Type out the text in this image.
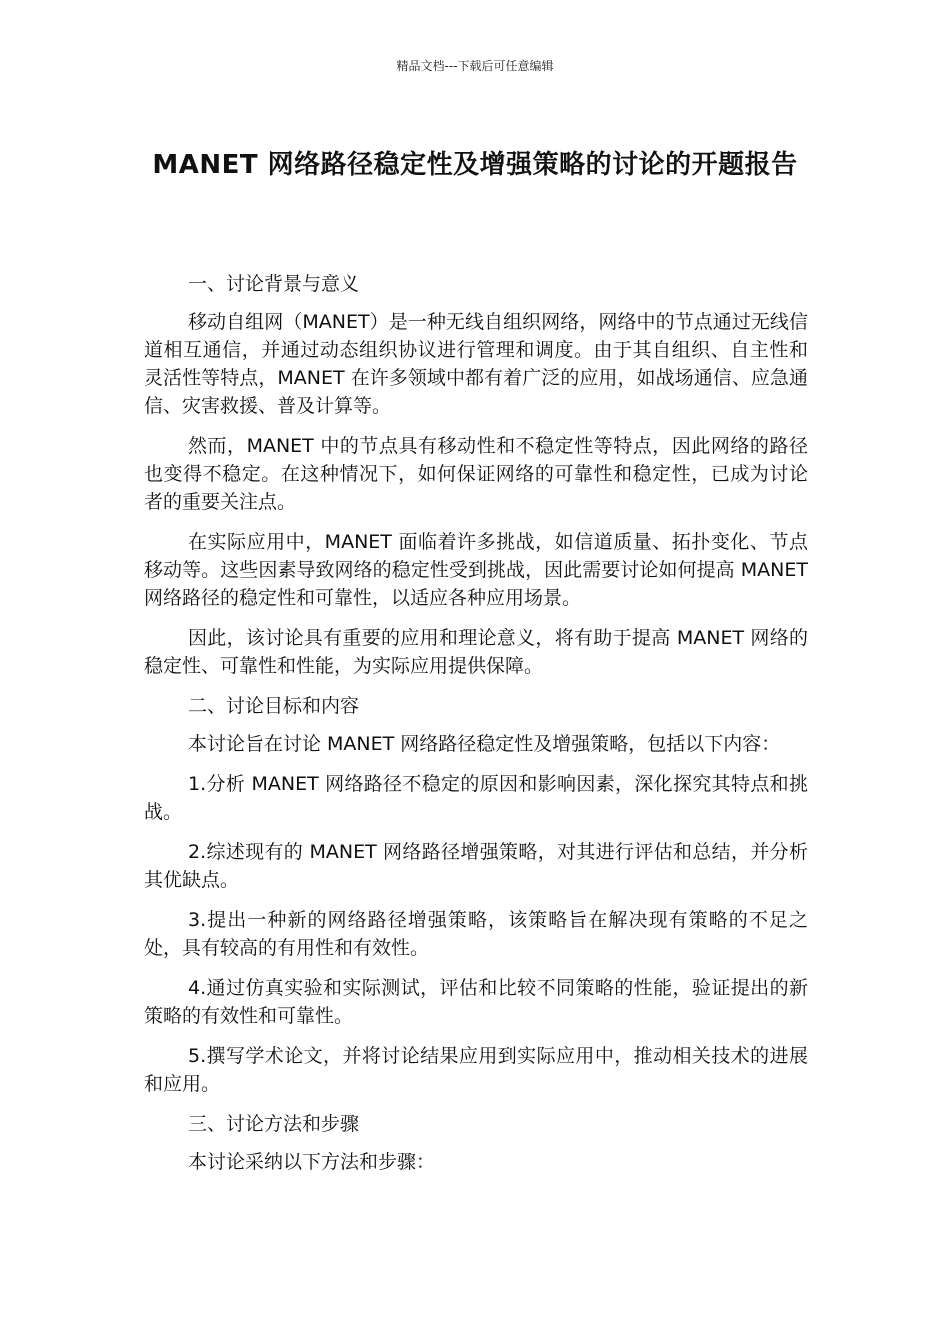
精品文档---下载后可任意编辑
MANET 网络路径稳定性及增强策略的讨论的开题报告

一、讨论背景与意义

移动自组网（MANET）是一种无线自组织网络，网络中的节点通过无线信道相互通信，并通过动态组织协议进行管理和调度。由于其自组织、自主性和灵活性等特点，MANET 在许多领域中都有着广泛的应用，如战场通信、应急通信、灾害救援、普及计算等。

然而，MANET 中的节点具有移动性和不稳定性等特点，因此网络的路径也变得不稳定。在这种情况下，如何保证网络的可靠性和稳定性，已成为讨论者的重要关注点。

在实际应用中，MANET 面临着许多挑战，如信道质量、拓扑变化、节点移动等。这些因素导致网络的稳定性受到挑战，因此需要讨论如何提高 MANET 网络路径的稳定性和可靠性，以适应各种应用场景。

因此，该讨论具有重要的应用和理论意义，将有助于提高 MANET 网络的稳定性、可靠性和性能，为实际应用提供保障。

二、讨论目标和内容

本讨论旨在讨论 MANET 网络路径稳定性及增强策略，包括以下内容：

1.分析 MANET 网络路径不稳定的原因和影响因素，深化探究其特点和挑战。

2.综述现有的 MANET 网络路径增强策略，对其进行评估和总结，并分析其优缺点。

3.提出一种新的网络路径增强策略，该策略旨在解决现有策略的不足之处，具有较高的有用性和有效性。

4.通过仿真实验和实际测试，评估和比较不同策略的性能，验证提出的新策略的有效性和可靠性。

5.撰写学术论文，并将讨论结果应用到实际应用中，推动相关技术的进展和应用。

三、讨论方法和步骤

本讨论采纳以下方法和步骤：
